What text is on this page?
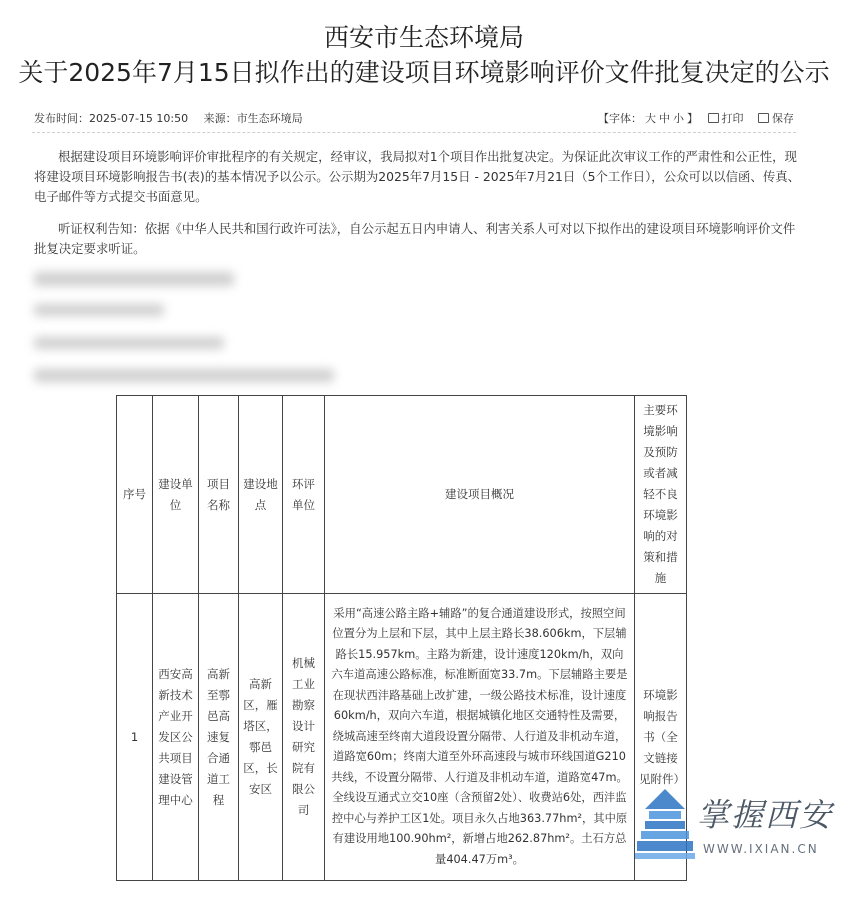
西安市生态环境局
关于2025年7月15日拟作出的建设项目环境影响评价文件批复决定的公示
发布时间：2025-07-15 10:50 来源：市生态环境局	【字体： 大 中 小 】 打印	保存
根据建设项目环境影响评价审批程序的有关规定，经审议，我局拟对1个项目作出批复决定。为保证此次审议工作的严肃性和公正性，现将建设项目环境影响报告书(表)的基本情况予以公示。公示期为2025年7月15日 - 2025年7月21日（5个工作日），公众可以以信函、传真、电子邮件等方式提交书面意见。
听证权利告知：依据《中华人民共和国行政许可法》，自公示起五日内申请人、利害关系人可对以下拟作出的建设项目环境影响评价文件批复决定要求听证。
序号	建设单位	项目名称	建设地点	环评单位	建设项目概况	主要环境影响及预防或者减轻不良环境影响的对策和措施
1	西安高新技术产业开发区公共项目建设管理中心	高新至鄠邑高速复合通道工程	高新区，雁塔区，鄠邑区，长安区	机械工业勘察设计研究院有限公司	采用“高速公路主路+辅路”的复合通道建设形式，按照空间位置分为上层和下层，其中上层主路长38.606km，下层辅路长15.957km。主路为新建，设计速度120km/h，双向六车道高速公路标准，标准断面宽33.7m。下层辅路主要是在现状西沣路基础上改扩建，一级公路技术标准，设计速度60km/h，双向六车道，根据城镇化地区交通特性及需要，绕城高速至终南大道段设置分隔带、人行道及非机动车道，道路宽60m；终南大道至外环高速段与城市环线国道G210共线，不设置分隔带、人行道及非机动车道，道路宽47m。全线设互通式立交10座（含预留2处）、收费站6处，西沣监控中心与养护工区1处。项目永久占地363.77hm²，其中原有建设用地100.90hm²，新增占地262.87hm²。土石方总量404.47万m³。	环境影响报告书（全文链接见附件）
掌握西安
WWW.IXIAN.CN
